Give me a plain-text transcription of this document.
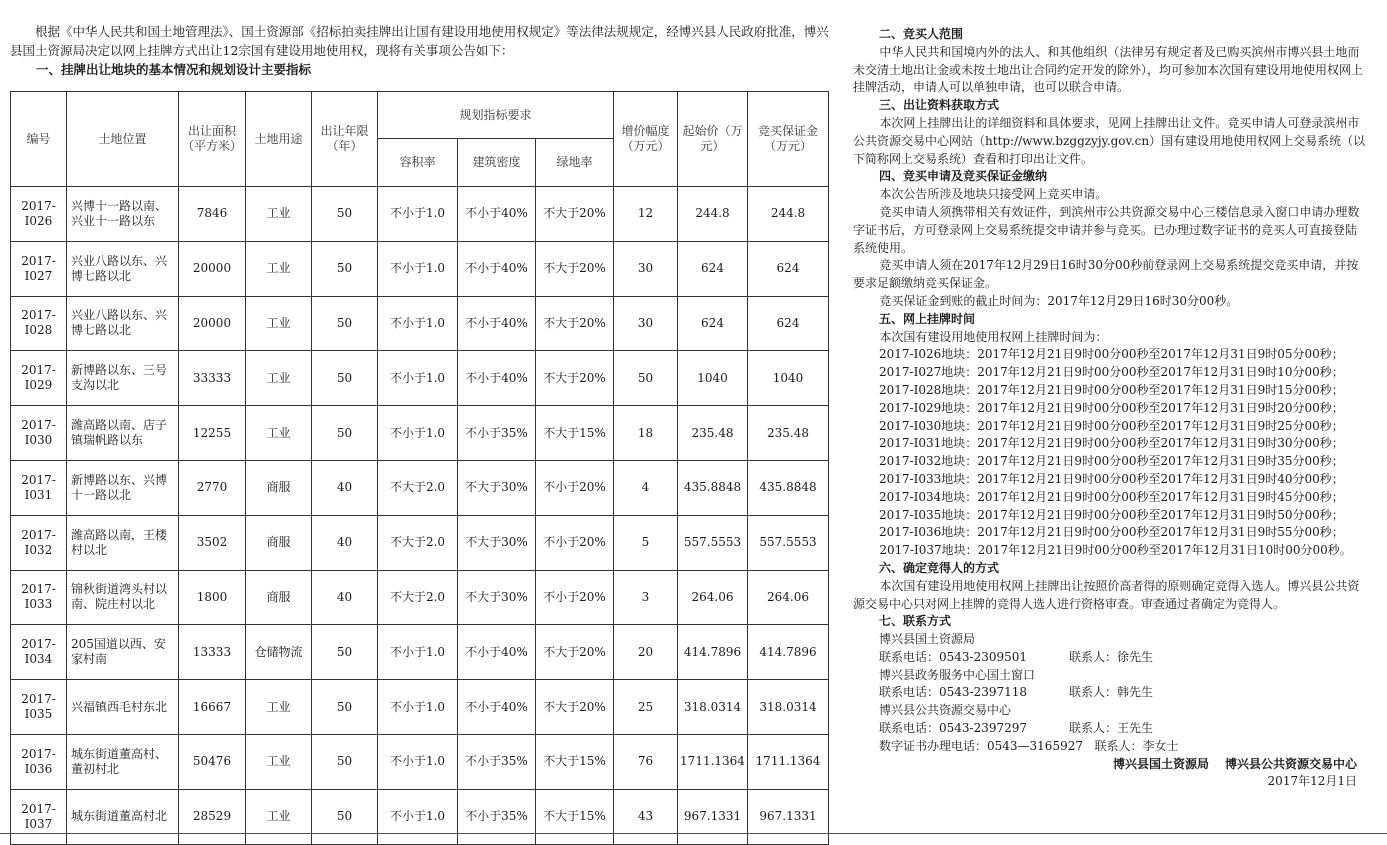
根据《中华人民共和国土地管理法》、国土资源部《招标拍卖挂牌出让国有建设用地使用权规定》等法律法规规定，经博兴县人民政府批准，博兴县国土资源局决定以网上挂牌方式出让12宗国有建设用地使用权，现将有关事项公告如下：

一、挂牌出让地块的基本情况和规划设计主要指标

编号	土地位置	出让面积（平方米）	土地用途	出让年限（年）	规划指标要求			增价幅度（万元）	起始价（万元）	竞买保证金（万元）
					容积率	建筑密度	绿地率			
2017-I026	兴博十一路以南、兴业十一路以东	7846	工业	50	不小于1.0	不小于40%	不大于20%	12	244.8	244.8
2017-I027	兴业八路以东、兴博七路以北	20000	工业	50	不小于1.0	不小于40%	不大于20%	30	624	624
2017-I028	兴业八路以东、兴博七路以北	20000	工业	50	不小于1.0	不小于40%	不大于20%	30	624	624
2017-I029	新博路以东、三号支沟以北	33333	工业	50	不小于1.0	不小于40%	不大于20%	50	1040	1040
2017-I030	潍高路以南、店子镇瑞帆路以东	12255	工业	50	不小于1.0	不小于35%	不大于15%	18	235.48	235.48
2017-I031	新博路以东、兴博十一路以北	2770	商服	40	不大于2.0	不大于30%	不小于20%	4	435.8848	435.8848
2017-I032	潍高路以南，王楼村以北	3502	商服	40	不大于2.0	不大于30%	不小于20%	5	557.5553	557.5553
2017-I033	锦秋街道湾头村以南、院庄村以北	1800	商服	40	不大于2.0	不大于30%	不小于20%	3	264.06	264.06
2017-I034	205国道以西、安家村南	13333	仓储物流	50	不小于1.0	不小于40%	不大于20%	20	414.7896	414.7896
2017-I035	兴福镇西毛村东北	16667	工业	50	不小于1.0	不小于40%	不大于20%	25	318.0314	318.0314
2017-I036	城东街道董高村、董初村北	50476	工业	50	不小于1.0	不小于35%	不大于15%	76	1711.1364	1711.1364
2017-I037	城东街道董高村北	28529	工业	50	不小于1.0	不小于35%	不大于15%	43	967.1331	967.1331

二、竞买人范围

中华人民共和国境内外的法人、和其他组织（法律另有规定者及已购买滨州市博兴县土地而未交清土地出让金或未按土地出让合同约定开发的除外），均可参加本次国有建设用地使用权网上挂牌活动，申请人可以单独申请，也可以联合申请。

三、出让资料获取方式

本次网上挂牌出让的详细资料和具体要求，见网上挂牌出让文件。竞买申请人可登录滨州市公共资源交易中心网站（http://www.bzggzyjy.gov.cn）国有建设用地使用权网上交易系统（以下简称网上交易系统）查看和打印出让文件。

四、竞买申请及竞买保证金缴纳

本次公告所涉及地块只接受网上竞买申请。

竞买申请人须携带相关有效证件，到滨州市公共资源交易中心三楼信息录入窗口申请办理数字证书后，方可登录网上交易系统提交申请并参与竞买。已办理过数字证书的竞买人可直接登陆系统使用。

竞买申请人须在2017年12月29日16时30分00秒前登录网上交易系统提交竞买申请，并按要求足额缴纳竞买保证金。

竞买保证金到账的截止时间为：2017年12月29日16时30分00秒。

五、网上挂牌时间

本次国有建设用地使用权网上挂牌时间为：

2017-I026地块：2017年12月21日9时00分00秒至2017年12月31日9时05分00秒；

2017-I027地块：2017年12月21日9时00分00秒至2017年12月31日9时10分00秒；

2017-I028地块：2017年12月21日9时00分00秒至2017年12月31日9时15分00秒；

2017-I029地块：2017年12月21日9时00分00秒至2017年12月31日9时20分00秒；

2017-I030地块：2017年12月21日9时00分00秒至2017年12月31日9时25分00秒；

2017-I031地块：2017年12月21日9时00分00秒至2017年12月31日9时30分00秒；

2017-I032地块：2017年12月21日9时00分00秒至2017年12月31日9时35分00秒；

2017-I033地块：2017年12月21日9时00分00秒至2017年12月31日9时40分00秒；

2017-I034地块：2017年12月21日9时00分00秒至2017年12月31日9时45分00秒；

2017-I035地块：2017年12月21日9时00分00秒至2017年12月31日9时50分00秒；

2017-I036地块：2017年12月21日9时00分00秒至2017年12月31日9时55分00秒；

2017-I037地块：2017年12月21日9时00分00秒至2017年12月31日10时00分00秒。

六、确定竞得人的方式

本次国有建设用地使用权网上挂牌出让按照价高者得的原则确定竞得入选人。博兴县公共资源交易中心只对网上挂牌的竞得人选人进行资格审查。审查通过者确定为竞得人。

七、联系方式

博兴县国土资源局

联系电话：0543-2309501	联系人：徐先生

博兴县政务服务中心国土窗口

联系电话：0543-2397118	联系人：韩先生

博兴县公共资源交易中心

联系电话：0543-2397297	联系人：王先生

数字证书办理电话：0543—3165927 联系人：李女士

博兴县国土资源局 博兴县公共资源交易中心

2017年12月1日
